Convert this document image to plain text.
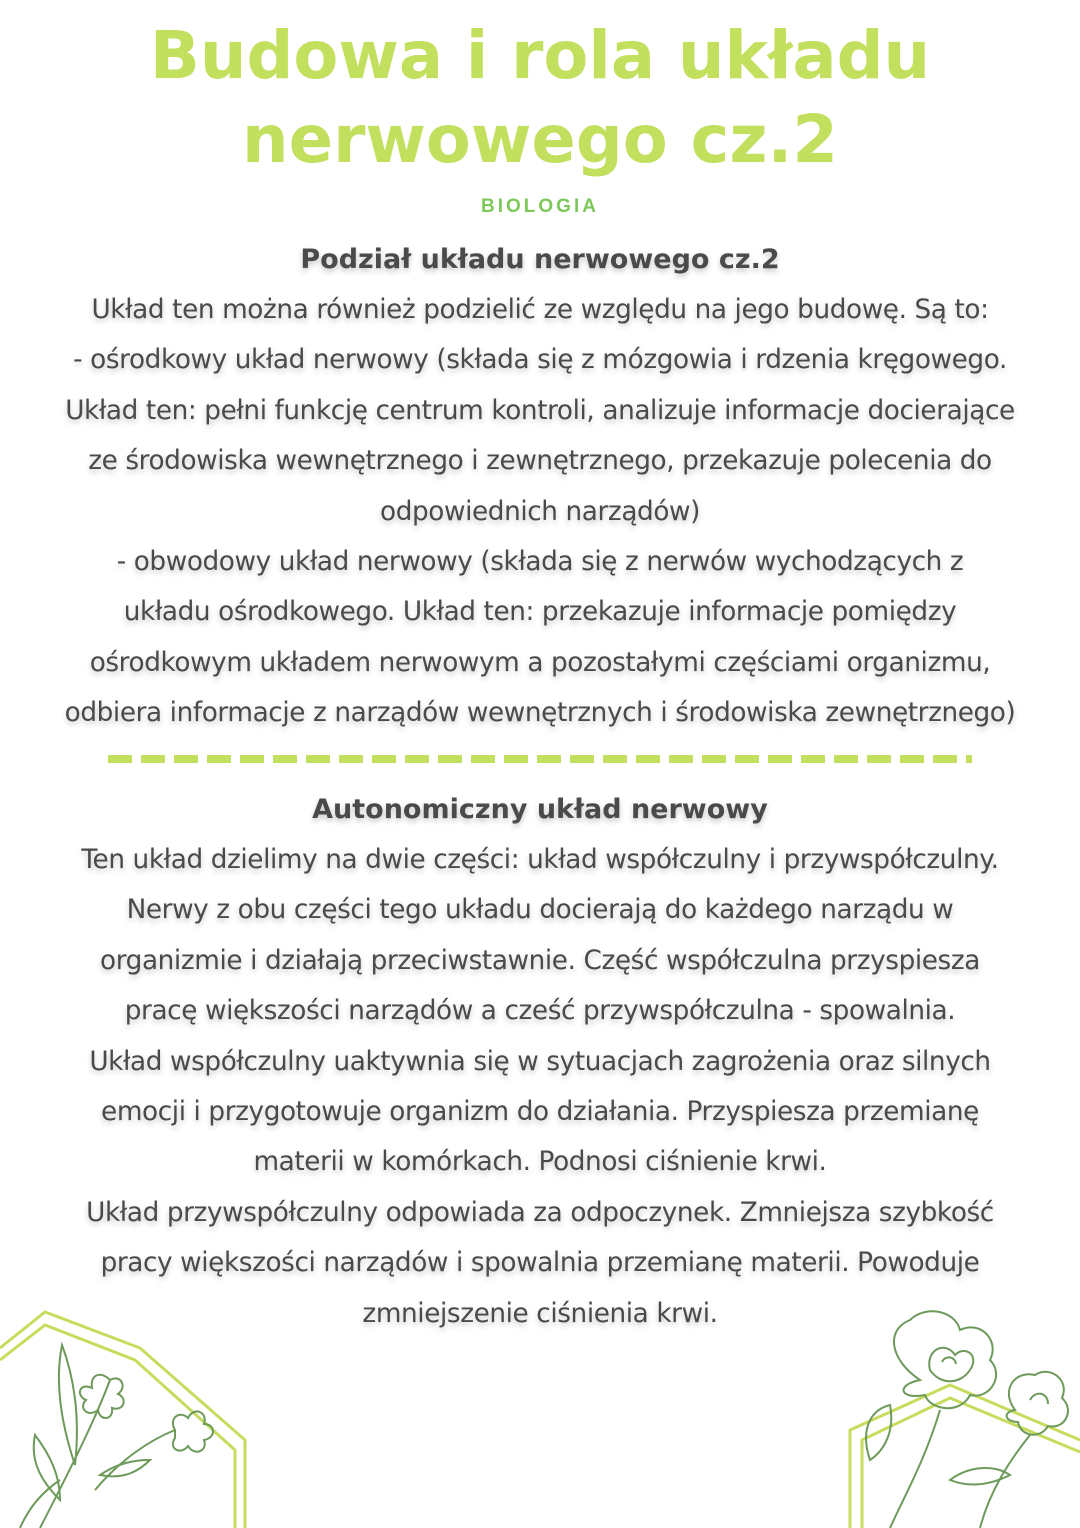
Budowa i rola układu
nerwowego cz.2
BIOLOGIA
Podział układu nerwowego cz.2
Układ ten można również podzielić ze względu na jego budowę. Są to:
- ośrodkowy układ nerwowy (składa się z mózgowia i rdzenia kręgowego.
Układ ten: pełni funkcję centrum kontroli, analizuje informacje docierające
ze środowiska wewnętrznego i zewnętrznego, przekazuje polecenia do
odpowiednich narządów)
- obwodowy układ nerwowy (składa się z nerwów wychodzących z
układu ośrodkowego. Układ ten: przekazuje informacje pomiędzy
ośrodkowym układem nerwowym a pozostałymi częściami organizmu,
odbiera informacje z narządów wewnętrznych i środowiska zewnętrznego)
Autonomiczny układ nerwowy
Ten układ dzielimy na dwie części: układ współczulny i przywspółczulny.
Nerwy z obu części tego układu docierają do każdego narządu w
organizmie i działają przeciwstawnie. Część współczulna przyspiesza
pracę większości narządów a cześć przywspółczulna - spowalnia.
Układ współczulny uaktywnia się w sytuacjach zagrożenia oraz silnych
emocji i przygotowuje organizm do działania. Przyspiesza przemianę
materii w komórkach. Podnosi ciśnienie krwi.
Układ przywspółczulny odpowiada za odpoczynek. Zmniejsza szybkość
pracy większości narządów i spowalnia przemianę materii. Powoduje
zmniejszenie ciśnienia krwi.
